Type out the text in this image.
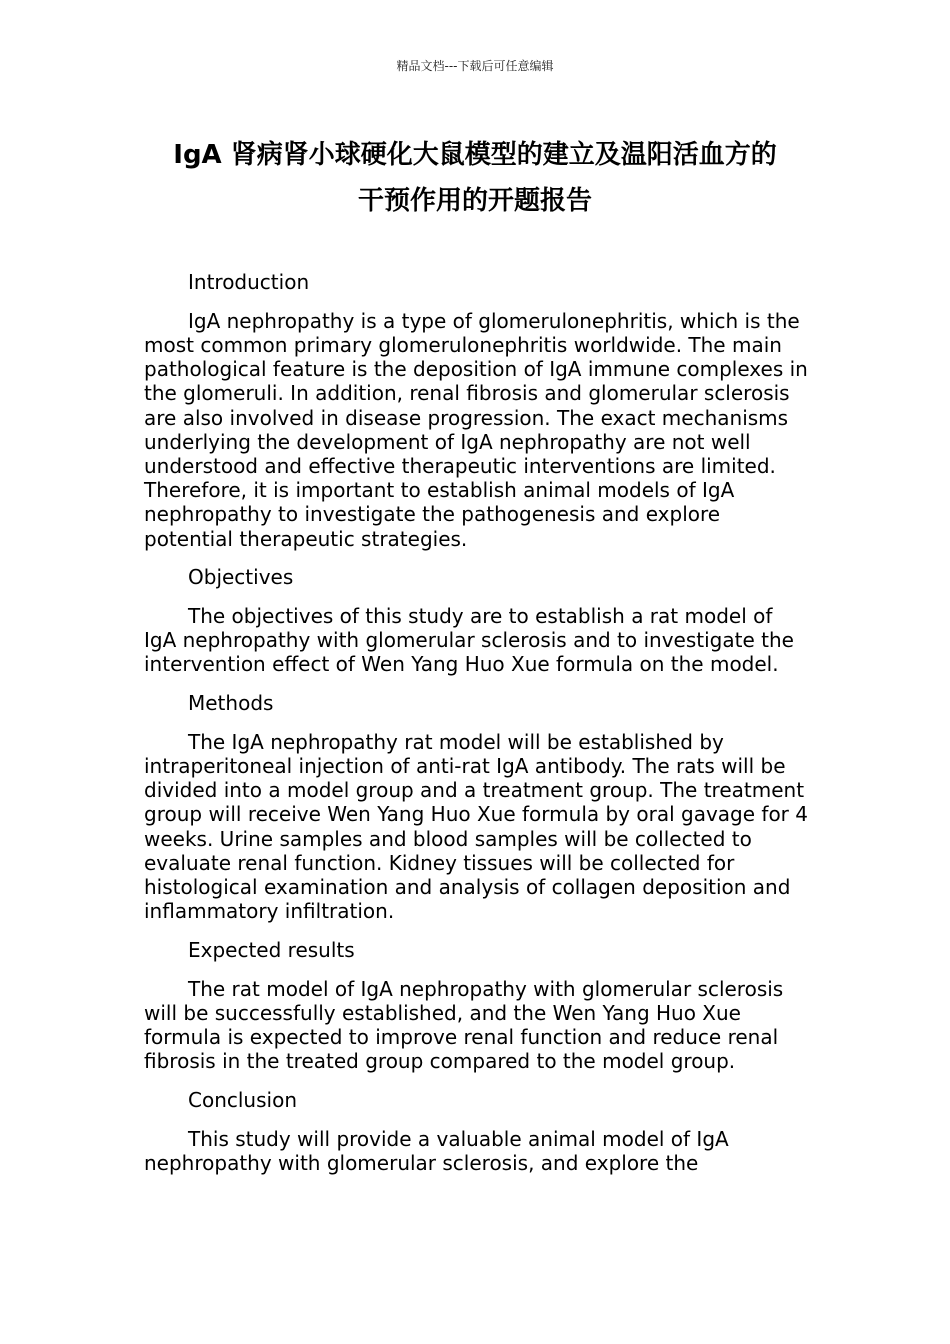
精品文档---下载后可任意编辑
IgA 肾病肾小球硬化大鼠模型的建立及温阳活血方的
干预作用的开题报告

Introduction

IgA nephropathy is a type of glomerulonephritis, which is the most common primary glomerulonephritis worldwide. The main pathological feature is the deposition of IgA immune complexes in the glomeruli. In addition, renal fibrosis and glomerular sclerosis are also involved in disease progression. The exact mechanisms underlying the development of IgA nephropathy are not well understood and effective therapeutic interventions are limited. Therefore, it is important to establish animal models of IgA nephropathy to investigate the pathogenesis and explore potential therapeutic strategies.

Objectives

The objectives of this study are to establish a rat model of IgA nephropathy with glomerular sclerosis and to investigate the intervention effect of Wen Yang Huo Xue formula on the model.

Methods

The IgA nephropathy rat model will be established by intraperitoneal injection of anti-rat IgA antibody. The rats will be divided into a model group and a treatment group. The treatment group will receive Wen Yang Huo Xue formula by oral gavage for 4 weeks. Urine samples and blood samples will be collected to evaluate renal function. Kidney tissues will be collected for histological examination and analysis of collagen deposition and inflammatory infiltration.

Expected results

The rat model of IgA nephropathy with glomerular sclerosis will be successfully established, and the Wen Yang Huo Xue formula is expected to improve renal function and reduce renal fibrosis in the treated group compared to the model group.

Conclusion

This study will provide a valuable animal model of IgA nephropathy with glomerular sclerosis, and explore the
